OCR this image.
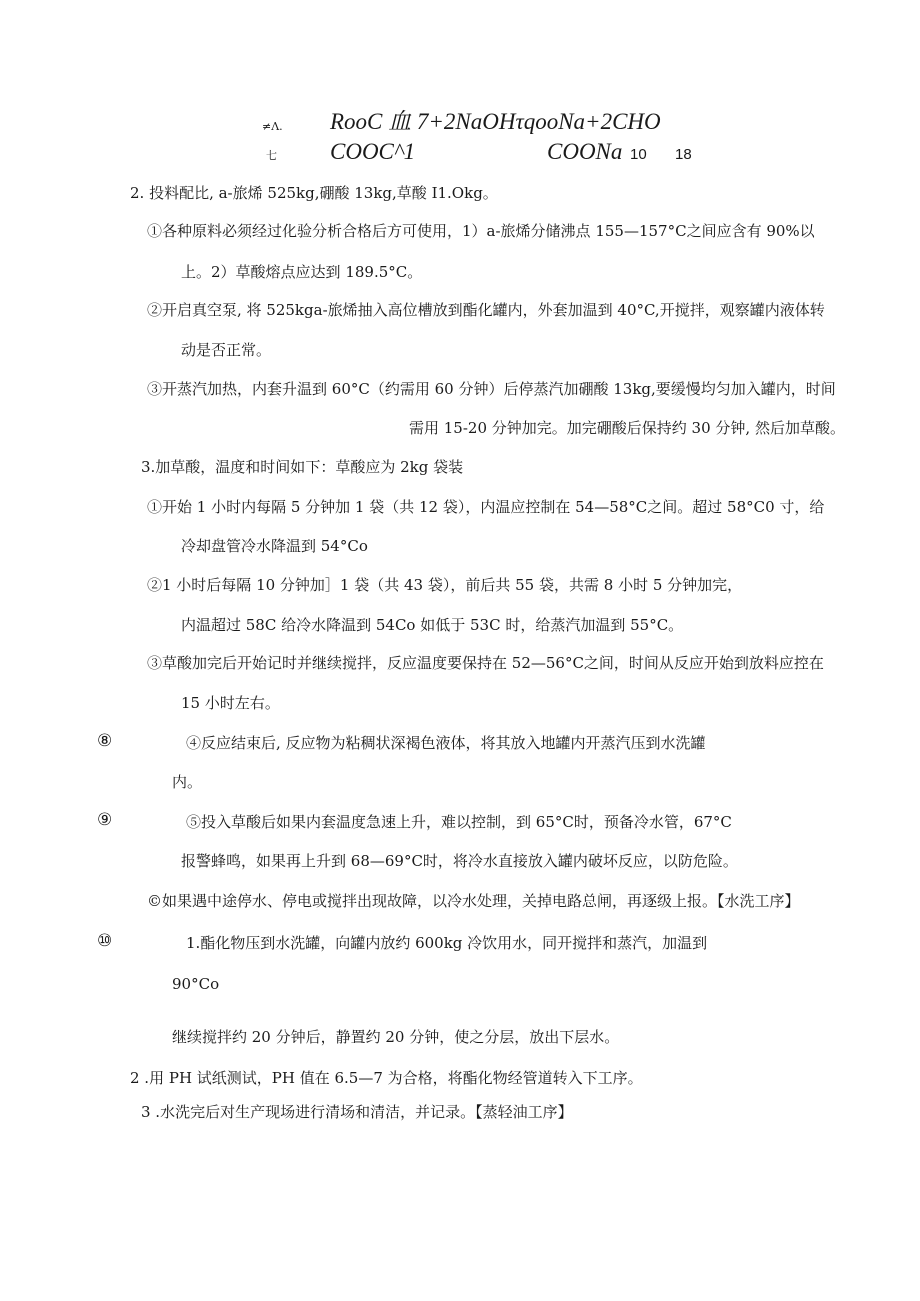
≠Λ. RooC 血 7+2NaOHτqooNa+2CHO
七 COOC^1	COONa 10 18
2. 投料配比, a-旅烯 525kg,硼酸 13kg,草酸 I1.Okg。
①各种原料必须经过化验分析合格后方可使用，1）a-旅烯分储沸点 155—157°C之间应含有 90%以
上。2）草酸熔点应达到 189.5°C。
②开启真空泵, 将 525kga-旅烯抽入高位槽放到酯化罐内，外套加温到 40°C,开搅拌，观察罐内液体转
动是否正常。
③开蒸汽加热，内套升温到 60°C（约需用 60 分钟）后停蒸汽加硼酸 13kg,要缓慢均匀加入罐内，时间
需用 15-20 分钟加完。加完硼酸后保持约 30 分钟, 然后加草酸。
3.加草酸，温度和时间如下：草酸应为 2kg 袋装
①开始 1 小时内每隔 5 分钟加 1 袋（共 12 袋），内温应控制在 54—58°C之间。超过 58°C0 寸，给
冷却盘管冷水降温到 54°Co
②1 小时后每隔 10 分钟加］1 袋（共 43 袋），前后共 55 袋，共需 8 小时 5 分钟加完，
内温超过 58C 给冷水降温到 54Co 如低于 53C 时，给蒸汽加温到 55°C。
③草酸加完后开始记时并继续搅拌，反应温度要保持在 52—56°C之间，时间从反应开始到放料应控在
15 小时左右。
⑧	④反应结束后, 反应物为粘稠状深褐色液体，将其放入地罐内开蒸汽压到水洗罐
内。
⑨	⑤投入草酸后如果内套温度急速上升，难以控制，到 65°C时，预备冷水管，67°C
报警蜂鸣，如果再上升到 68—69°C时，将冷水直接放入罐内破坏反应，以防危险。
©如果遇中途停水、停电或搅拌出现故障，以冷水处理，关掉电路总闸，再逐级上报。【水洗工序】
⑩	1.酯化物压到水洗罐，向罐内放约 600kg 冷饮用水，同开搅拌和蒸汽，加温到
90°Co
继续搅拌约 20 分钟后，静置约 20 分钟，使之分层，放出下层水。
2 .用 PH 试纸测试，PH 值在 6.5—7 为合格，将酯化物经管道转入下工序。
3 .水洗完后对生产现场进行清场和清洁，并记录。【蒸轻油工序】
